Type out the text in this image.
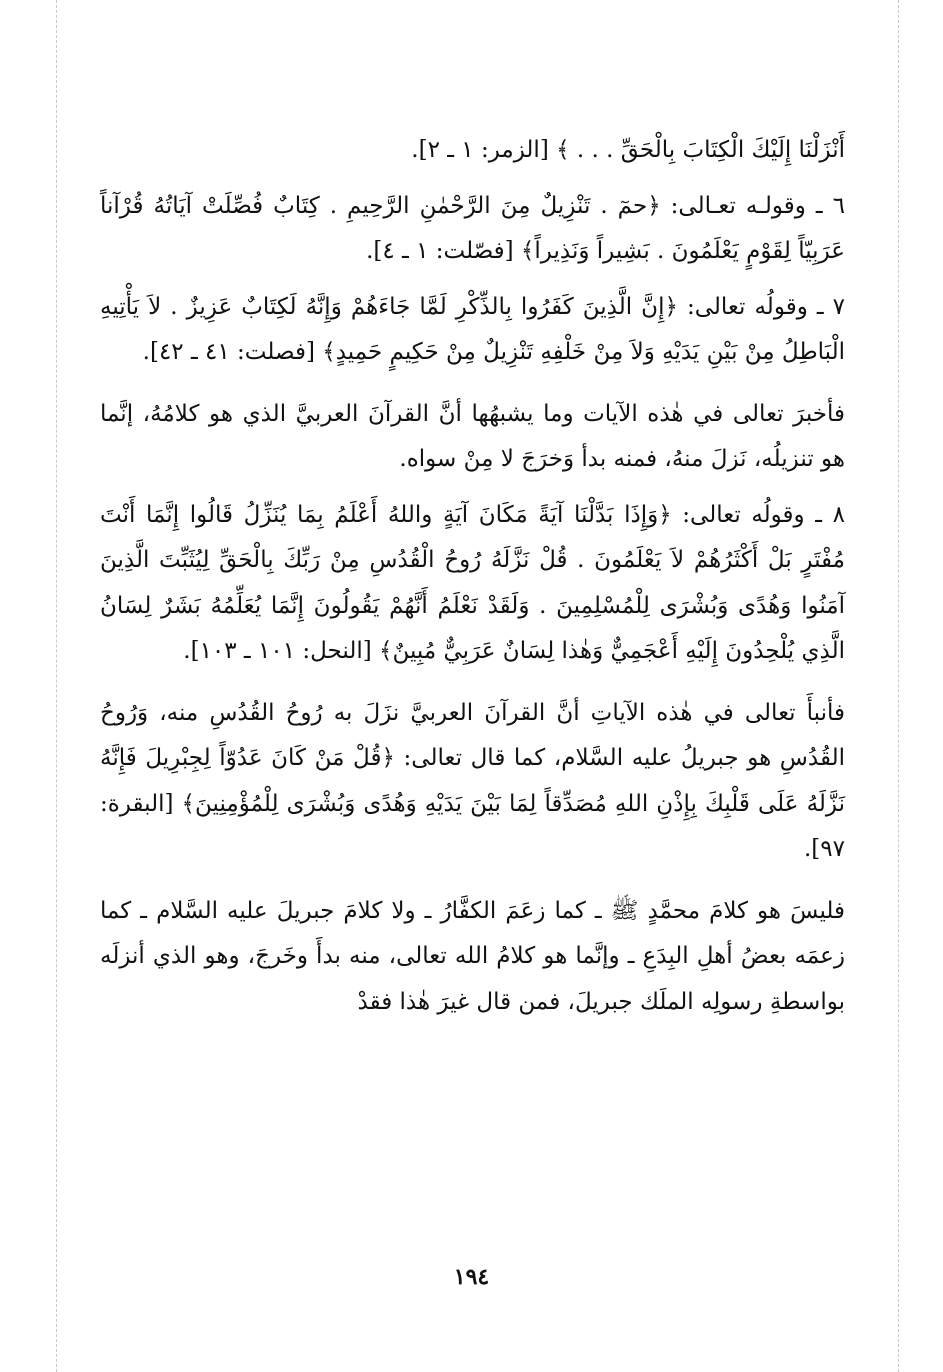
أَنْزَلْنَا إِلَيْكَ الْكِتَابَ بِالْحَقِّ . . . ﴾ [الزمر: ١ ـ ٢].

٦ ـ وقولـه تعـالى: ﴿حمٓ . تَنْزِيلٌ مِنَ الرَّحْمٰنِ الرَّحِيمِ . كِتَابٌ فُصِّلَتْ آيَاتُهُ قُرْآناً عَرَبِيّاً لِقَوْمٍ يَعْلَمُونَ . بَشِيراً وَنَذِيراً﴾ [فصّلت: ١ ـ ٤].

٧ ـ وقولُه تعالى: ﴿إِنَّ الَّذِينَ كَفَرُوا بِالذِّكْرِ لَمَّا جَاءَهُمْ وَإِنَّهُ لَكِتَابٌ عَزِيزٌ . لاَ يَأْتِيهِ الْبَاطِلُ مِنْ بَيْنِ يَدَيْهِ وَلاَ مِنْ خَلْفِهِ تَنْزِيلٌ مِنْ حَكِيمٍ حَمِيدٍ﴾ [فصلت: ٤١ ـ ٤٢].

فأخبرَ تعالى في هٰذه الآيات وما يشبهُها أنَّ القرآنَ العربيَّ الذي هو كلامُهُ، إنَّما هو تنزيلُه، نَزلَ منهُ، فمنه بدأ وَخرَجَ لا مِنْ سواه.

٨ ـ وقولُه تعالى: ﴿وَإِذَا بَدَّلْنَا آيَةً مَكَانَ آيَةٍ واللهُ أَعْلَمُ بِمَا يُنَزِّلُ قَالُوا إِنَّمَا أَنْتَ مُفْتَرٍ بَلْ أَكْثَرُهُمْ لاَ يَعْلَمُونَ . قُلْ نَزَّلَهُ رُوحُ الْقُدُسِ مِنْ رَبِّكَ بِالْحَقِّ لِيُثَبِّتَ الَّذِينَ آمَنُوا وَهُدًى وَبُشْرَى لِلْمُسْلِمِينَ . وَلَقَدْ نَعْلَمُ أَنَّهُمْ يَقُولُونَ إِنَّمَا يُعَلِّمُهُ بَشَرٌ لِسَانُ الَّذِي يُلْحِدُونَ إِلَيْهِ أَعْجَمِيٌّ وَهٰذا لِسَانٌ عَرَبِيٌّ مُبِينٌ﴾ [النحل: ١٠١ ـ ١٠٣].

فأنبأَ تعالى في هٰذه الآياتِ أنَّ القرآنَ العربيَّ نزَلَ به رُوحُ القُدُسِ منه، وَرُوحُ القُدُسِ هو جبريلُ عليه السَّلام، كما قال تعالى: ﴿قُلْ مَنْ كَانَ عَدُوّاً لِجِبْرِيلَ فَإِنَّهُ نَزَّلَهُ عَلَى قَلْبِكَ بِإِذْنِ اللهِ مُصَدِّقاً لِمَا بَيْنَ يَدَيْهِ وَهُدًى وَبُشْرَى لِلْمُؤْمِنِينَ﴾ [البقرة: ٩٧].

فليسَ هو كلامَ محمَّدٍ ﷺ ـ كما زعَمَ الكفَّارُ ـ ولا كلامَ جبريلَ عليه السَّلام ـ كما زعمَه بعضُ أهلِ البِدَعِ ـ وإنَّما هو كلامُ الله تعالى، منه بدأَ وخَرجَ، وهو الذي أنزلَه بواسطةِ رسولِه الملَك جبريلَ، فمن قال غيرَ هٰذا فقدْ

١٩٤
